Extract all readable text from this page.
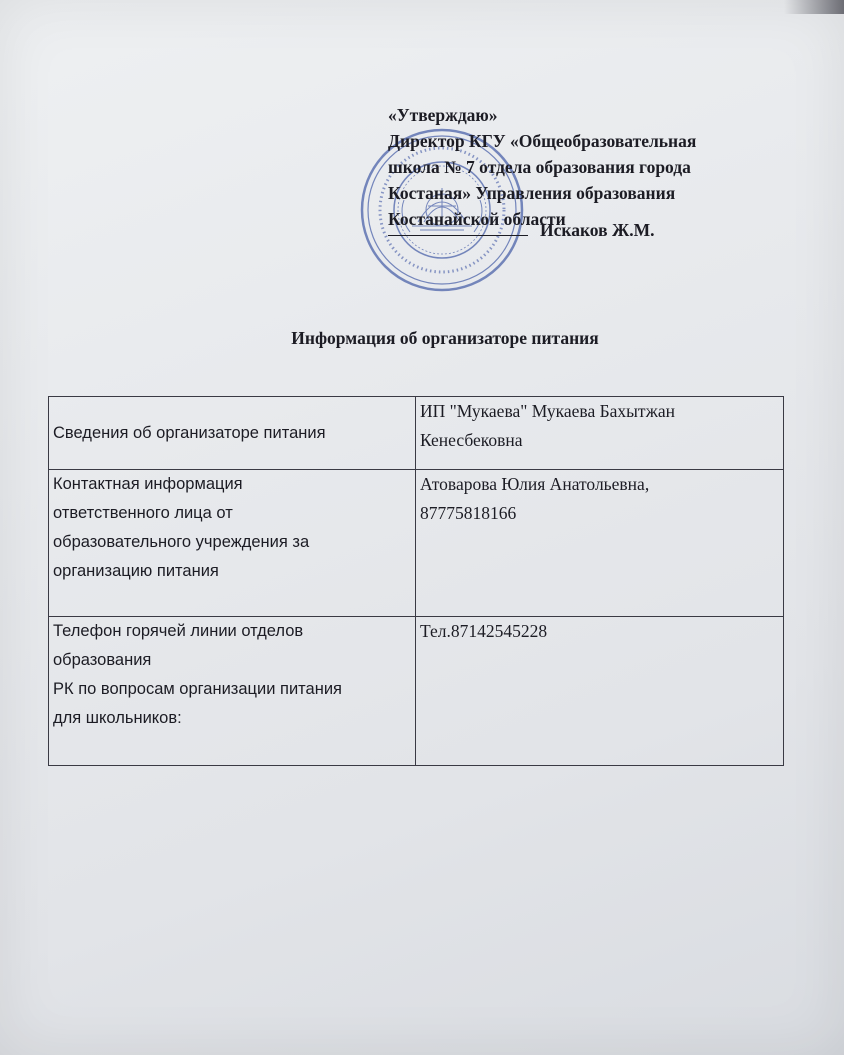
«Утверждаю»
Директор КГУ «Общеобразовательная
школа № 7 отдела образования города
Костаная» Управления образования
Костанайской области
Искаков Ж.М.
Информация об организаторе питания
Сведения об организаторе питания	ИП "Мукаева" Мукаева Бахытжан
Кенесбековна
Контактная информация
ответственного лица от
образовательного учреждения за
организацию питания	Атоварова Юлия Анатольевна,
87775818166
Телефон горячей линии отделов
образования
РК по вопросам организации питания
для школьников:	Тел.87142545228
